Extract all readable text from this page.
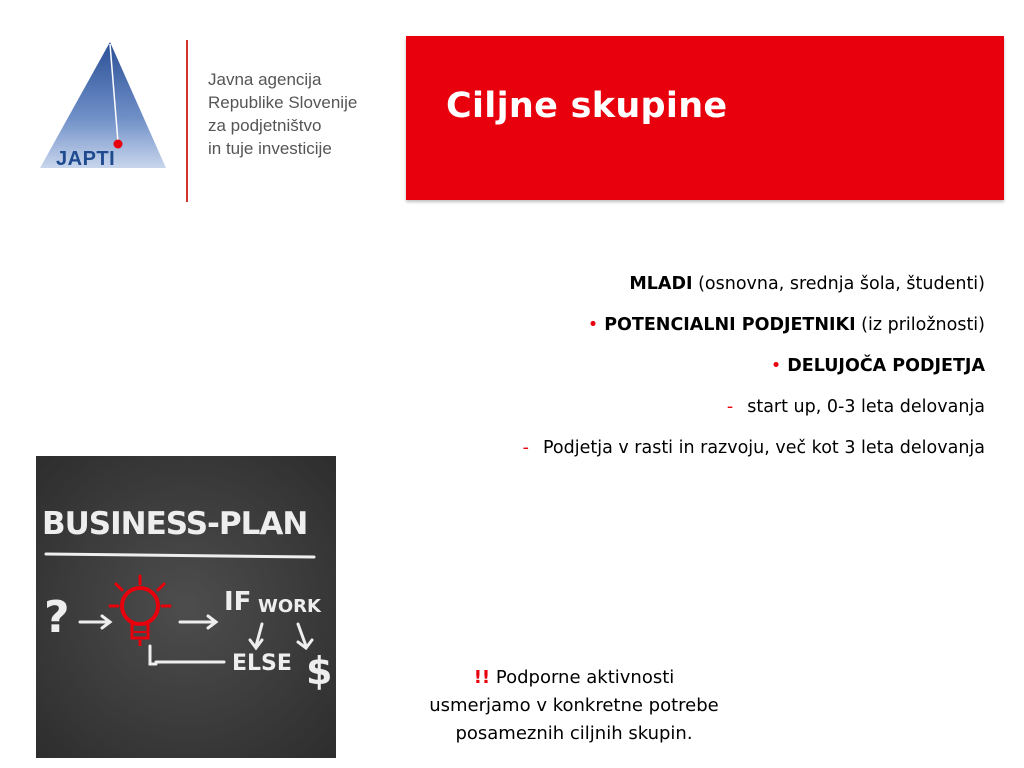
JAPTI
Javna agencija
Republike Slovenije
za podjetništvo
in tuje investicije
Ciljne skupine
MLADI (osnovna, srednja šola, študenti)
• POTENCIALNI PODJETNIKI (iz priložnosti)
• DELUJOČA PODJETJA
- start up, 0-3 leta delovanja
- Podjetja v rasti in razvoju, več kot 3 leta delovanja
BUSINESS-PLAN
?	IF WORK
ELSE $	!! Podporne aktivnosti
usmerjamo v konkretne potrebe
posameznih ciljnih skupin.
